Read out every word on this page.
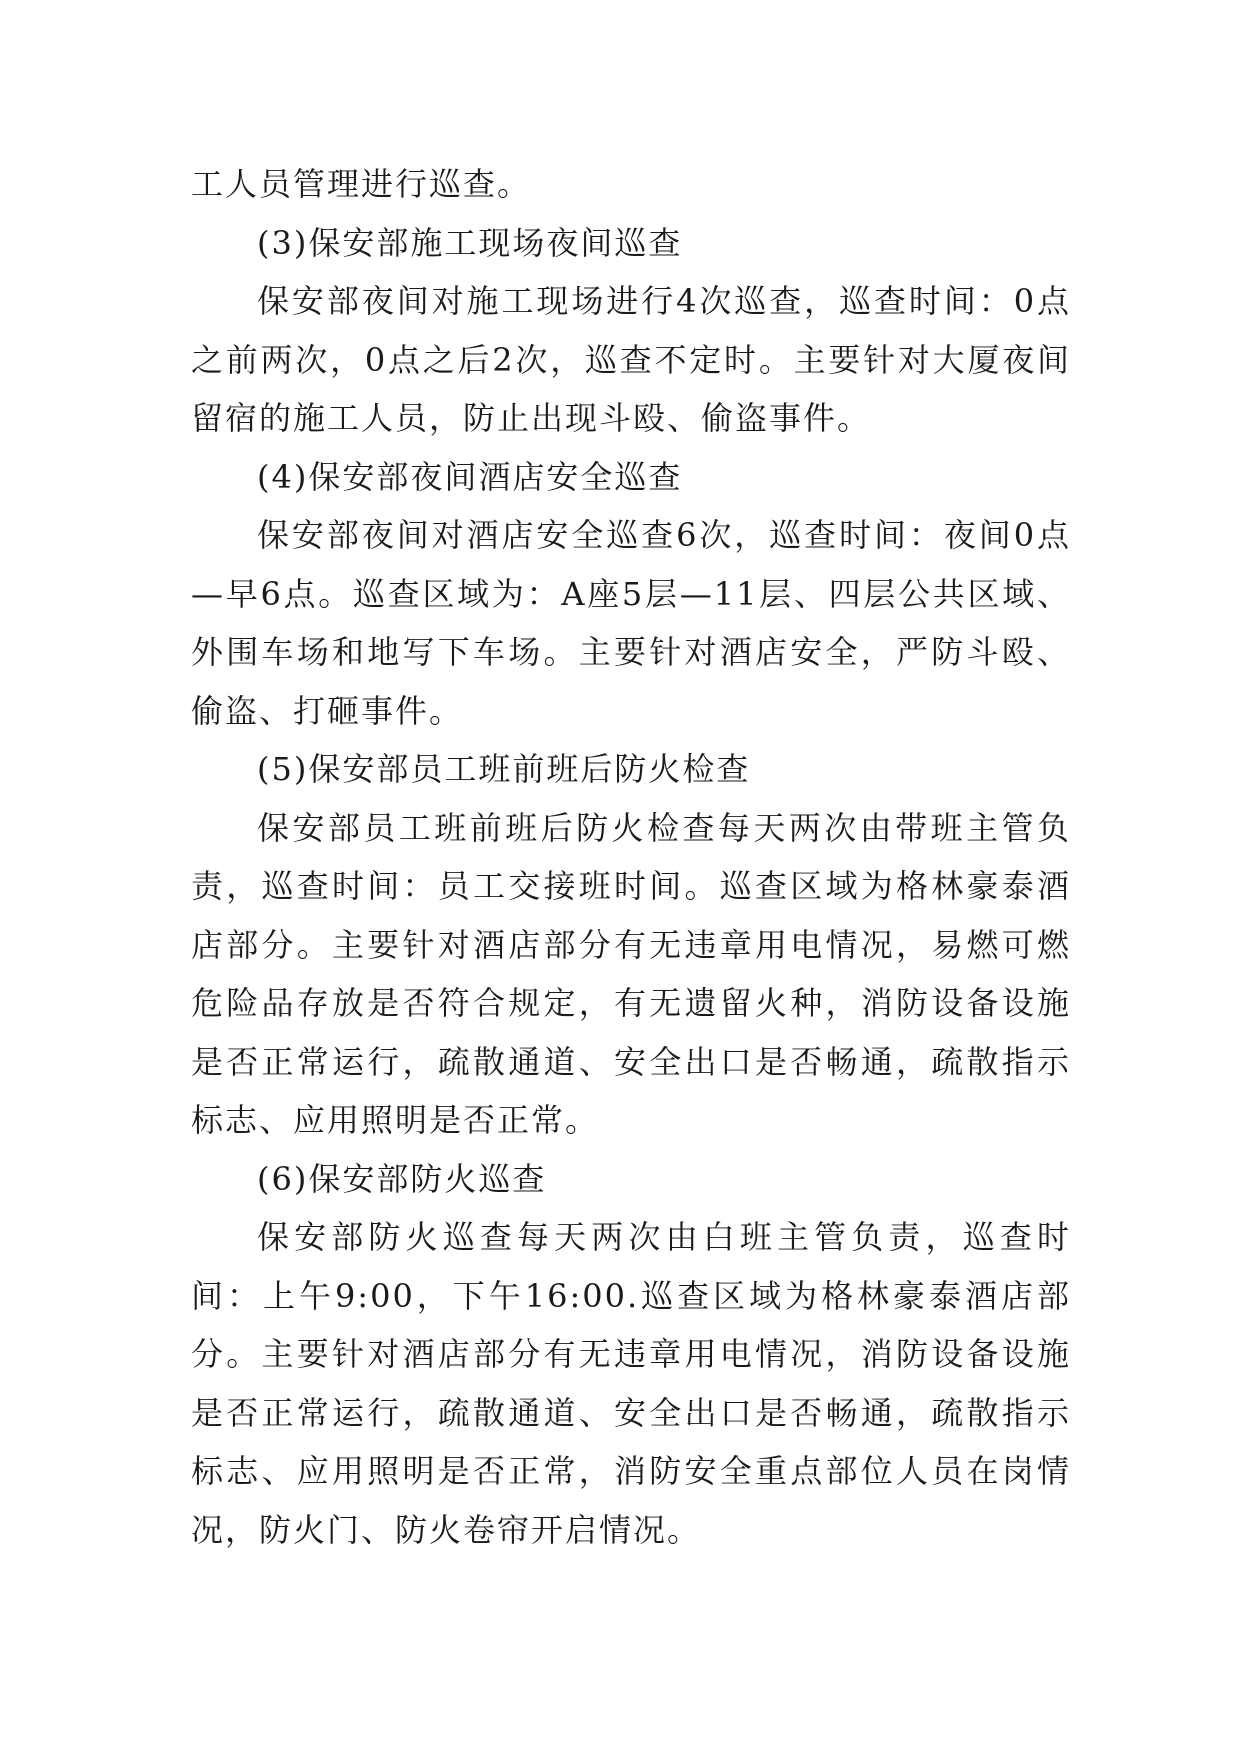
工人员管理进行巡查。

(3)保安部施工现场夜间巡查

保安部夜间对施工现场进行4次巡查，巡查时间：0点之前两次，0点之后2次，巡查不定时。主要针对大厦夜间留宿的施工人员，防止出现斗殴、偷盗事件。

(4)保安部夜间酒店安全巡查

保安部夜间对酒店安全巡查6次，巡查时间：夜间0点—早6点。巡查区域为：A座5层—11层、四层公共区域、外围车场和地写下车场。主要针对酒店安全，严防斗殴、偷盗、打砸事件。

(5)保安部员工班前班后防火检查

保安部员工班前班后防火检查每天两次由带班主管负责，巡查时间：员工交接班时间。巡查区域为格林豪泰酒店部分。主要针对酒店部分有无违章用电情况，易燃可燃危险品存放是否符合规定，有无遗留火种，消防设备设施是否正常运行，疏散通道、安全出口是否畅通，疏散指示标志、应用照明是否正常。

(6)保安部防火巡查

保安部防火巡查每天两次由白班主管负责，巡查时间：上午9:00，下午16:00.巡查区域为格林豪泰酒店部分。主要针对酒店部分有无违章用电情况，消防设备设施是否正常运行，疏散通道、安全出口是否畅通，疏散指示标志、应用照明是否正常，消防安全重点部位人员在岗情况，防火门、防火卷帘开启情况。
